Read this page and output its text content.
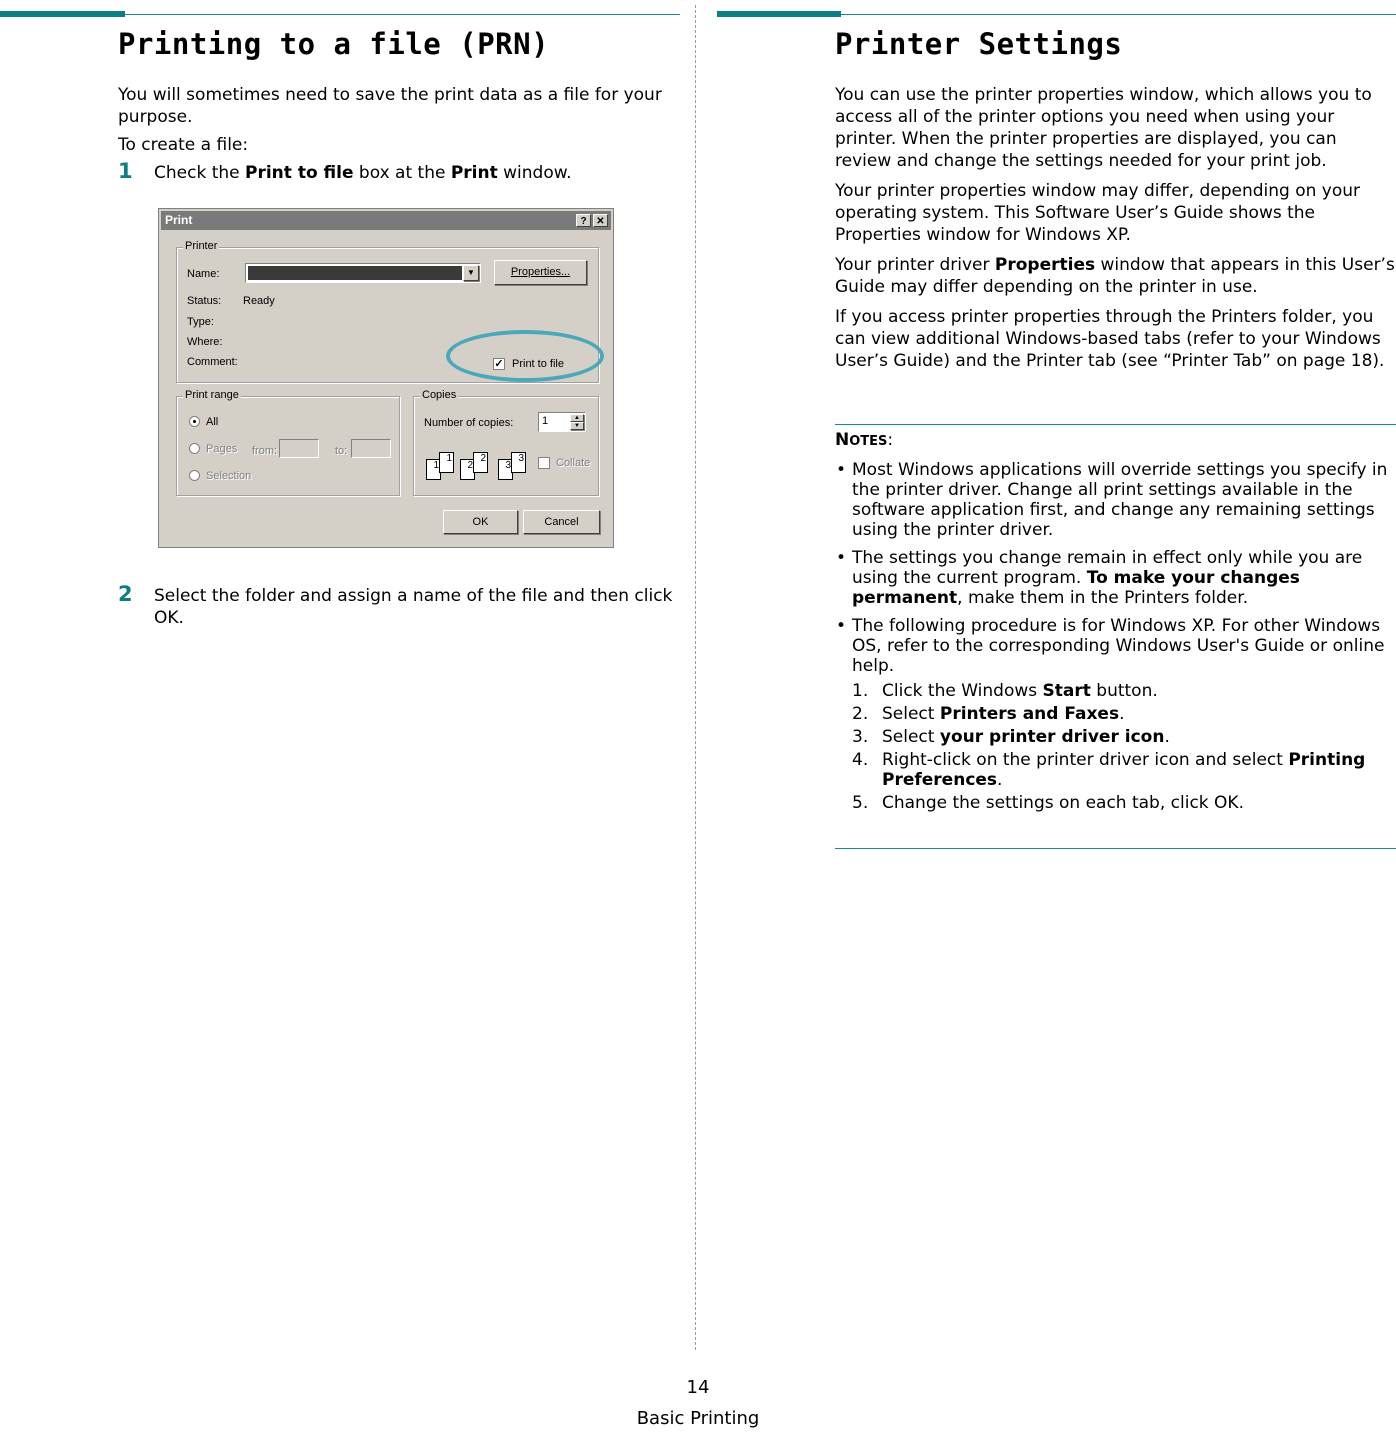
Printing to a file (PRN)
You will sometimes need to save the print data as a file for your purpose.
To create a file:
1 Check the Print to file box at the Print window.
Print	? ✕
Printer
Name:	▼	Properties...
Status: Ready
Type:
Where:
Comment:	✓ Print to file
Print range
All
Pages from:	to:
Selection
Copies
Number of copies:	1	▲
▼
1
1
2
2
3
3	Collate
OK	Cancel
2 Select the folder and assign a name of the file and then click OK.
Printer Settings
You can use the printer properties window, which allows you to access all of the printer options you need when using your printer. When the printer properties are displayed, you can review and change the settings needed for your print job.
Your printer properties window may differ, depending on your operating system. This Software User’s Guide shows the Properties window for Windows XP.
Your printer driver Properties window that appears in this User’s Guide may differ depending on the printer in use.
If you access printer properties through the Printers folder, you can view additional Windows-based tabs (refer to your Windows User’s Guide) and the Printer tab (see “Printer Tab” on page 18).
NOTES:
• Most Windows applications will override settings you specify in the printer driver. Change all print settings available in the software application first, and change any remaining settings using the printer driver.
• The settings you change remain in effect only while you are using the current program. To make your changes permanent, make them in the Printers folder.
• The following procedure is for Windows XP. For other Windows OS, refer to the corresponding Windows User's Guide or online help.
1. Click the Windows Start button.
2. Select Printers and Faxes.
3. Select your printer driver icon.
4. Right-click on the printer driver icon and select Printing Preferences.
5. Change the settings on each tab, click OK.
14
Basic Printing
